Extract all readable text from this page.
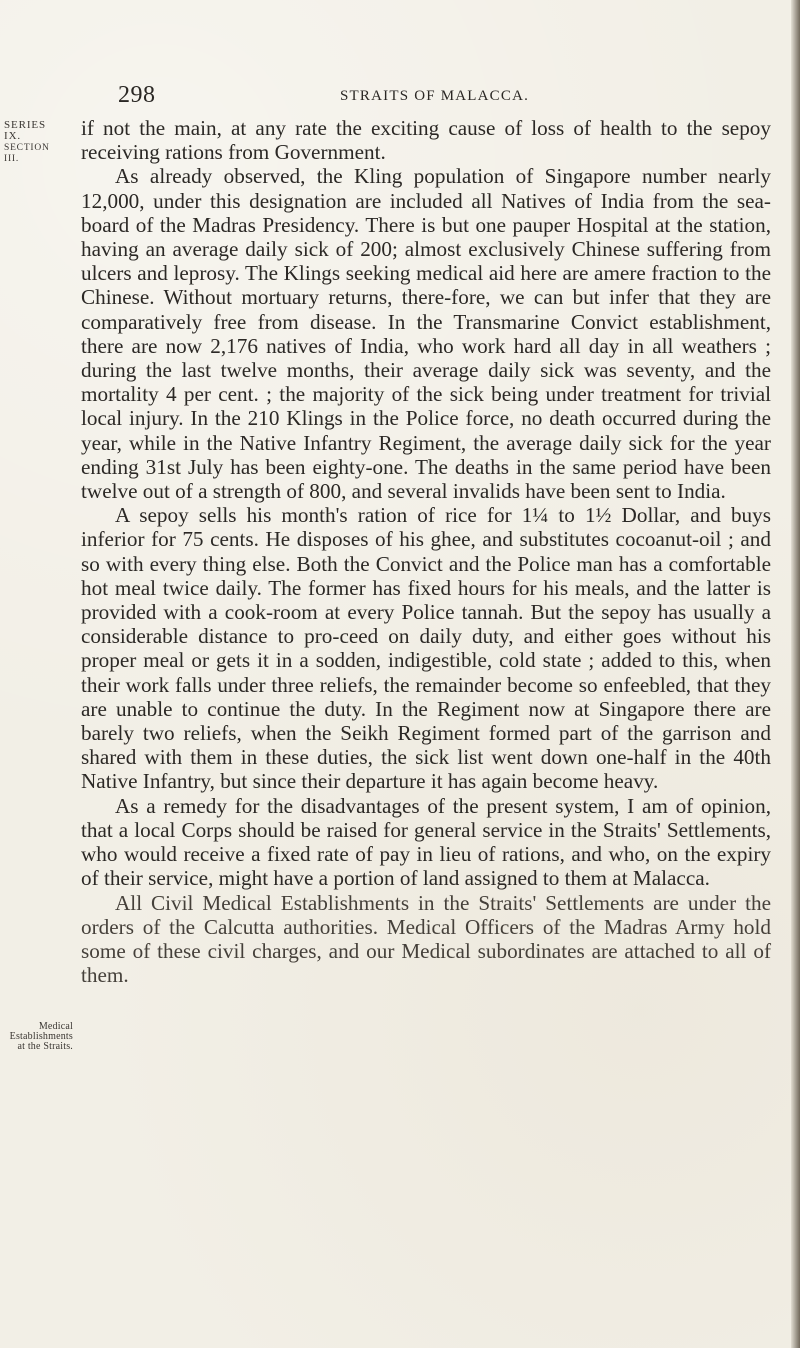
298	STRAITS OF MALACCA.
SERIES IX.
SECTION III.
Medical Establishments at the Straits.

if not the main, at any rate the exciting cause of loss of health to the sepoy receiving rations from Government.

As already observed, the Kling population of Singapore number nearly 12,000, under this designation are included all Natives of India from the sea-board of the Madras Presidency. There is but one pauper Hospital at the station, having an average daily sick of 200; almost exclusively Chinese suffering from ulcers and leprosy. The Klings seeking medical aid here are amere fraction to the Chinese. Without mortuary returns, there-fore, we can but infer that they are comparatively free from disease. In the Transmarine Convict establishment, there are now 2,176 natives of India, who work hard all day in all weathers ; during the last twelve months, their average daily sick was seventy, and the mortality 4 per cent. ; the majority of the sick being under treatment for trivial local injury. In the 210 Klings in the Police force, no death occurred during the year, while in the Native Infantry Regiment, the average daily sick for the year ending 31st July has been eighty-one. The deaths in the same period have been twelve out of a strength of 800, and several invalids have been sent to India.

A sepoy sells his month's ration of rice for 1¼ to 1½ Dollar, and buys inferior for 75 cents. He disposes of his ghee, and substitutes cocoanut-oil ; and so with every thing else. Both the Convict and the Police man has a comfortable hot meal twice daily. The former has fixed hours for his meals, and the latter is provided with a cook-room at every Police tannah. But the sepoy has usually a considerable distance to pro-ceed on daily duty, and either goes without his proper meal or gets it in a sodden, indigestible, cold state ; added to this, when their work falls under three reliefs, the remainder become so enfeebled, that they are unable to continue the duty. In the Regiment now at Singapore there are barely two reliefs, when the Seikh Regiment formed part of the garrison and shared with them in these duties, the sick list went down one-half in the 40th Native Infantry, but since their departure it has again become heavy.

As a remedy for the disadvantages of the present system, I am of opinion, that a local Corps should be raised for general service in the Straits' Settlements, who would receive a fixed rate of pay in lieu of rations, and who, on the expiry of their service, might have a portion of land assigned to them at Malacca.

All Civil Medical Establishments in the Straits' Settlements are under the orders of the Calcutta authorities. Medical Officers of the Madras Army hold some of these civil charges, and our Medical subordinates are attached to all of them.
